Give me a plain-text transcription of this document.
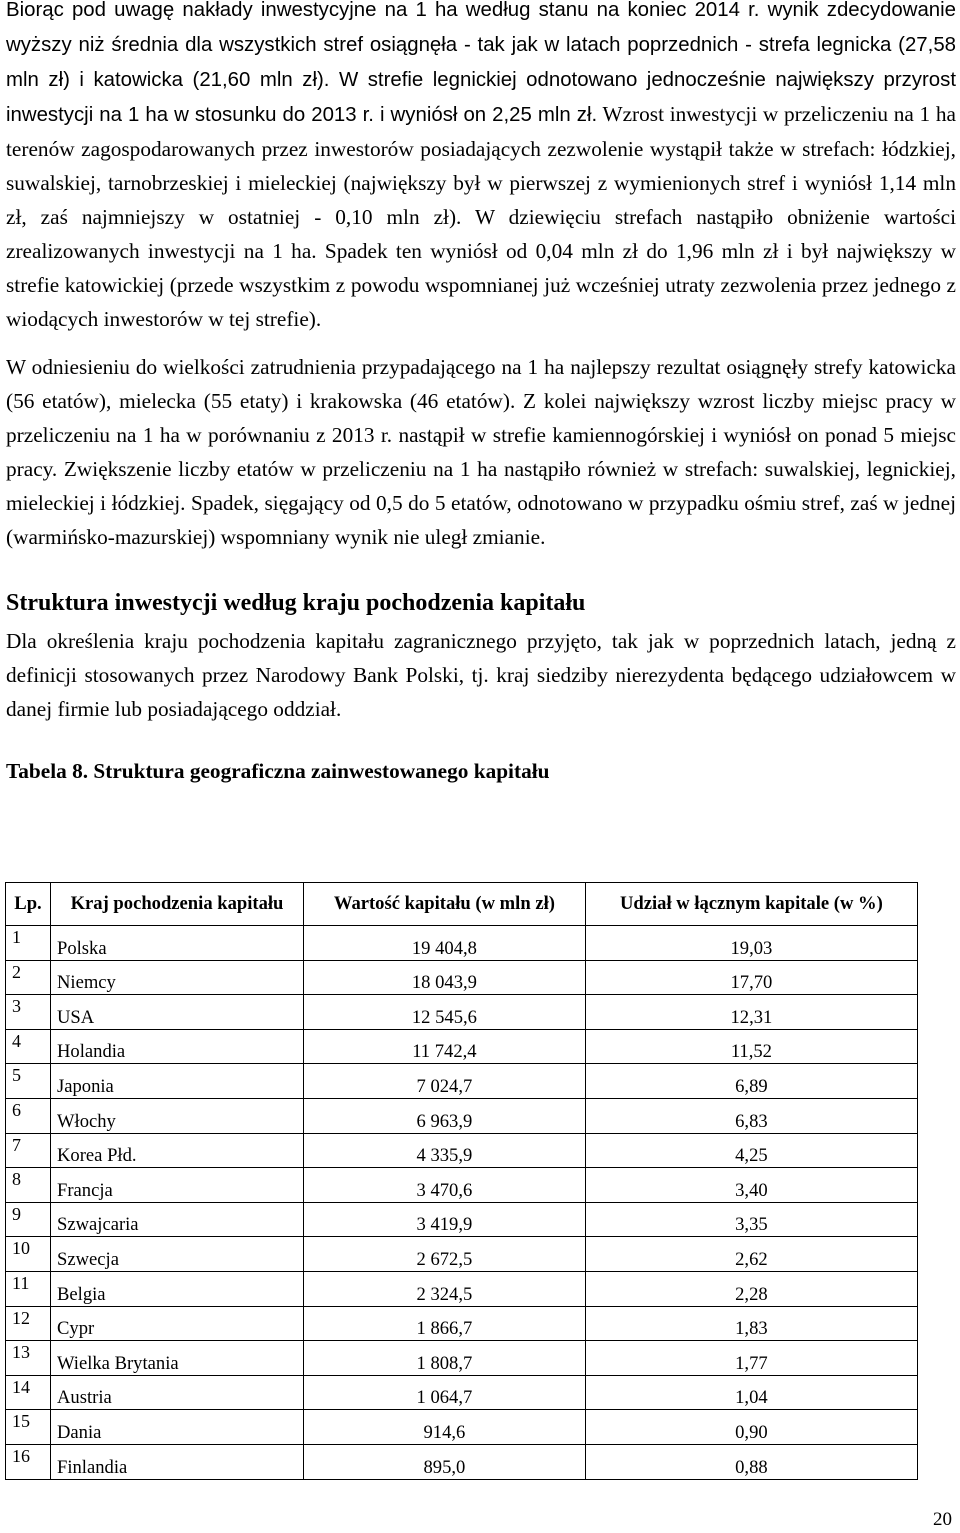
Biorąc pod uwagę nakłady inwestycyjne na 1 ha według stanu na koniec 2014 r. wynik zdecydowanie wyższy niż średnia dla wszystkich stref osiągnęła - tak jak w latach poprzednich - strefa legnicka (27,58 mln zł) i katowicka (21,60 mln zł). W strefie legnickiej odnotowano jednocześnie największy przyrost inwestycji na 1 ha w stosunku do 2013 r. i wyniósł on 2,25 mln zł. Wzrost inwestycji w przeliczeniu na 1 ha terenów zagospodarowanych przez inwestorów posiadających zezwolenie wystąpił także w strefach: łódzkiej, suwalskiej, tarnobrzeskiej i mieleckiej (największy był w pierwszej z wymienionych stref i wyniósł 1,14 mln zł, zaś najmniejszy w ostatniej - 0,10 mln zł). W dziewięciu strefach nastąpiło obniżenie wartości zrealizowanych inwestycji na 1 ha. Spadek ten wyniósł od 0,04 mln zł do 1,96 mln zł i był największy w strefie katowickiej (przede wszystkim z powodu wspomnianej już wcześniej utraty zezwolenia przez jednego z wiodących inwestorów w tej strefie).

W odniesieniu do wielkości zatrudnienia przypadającego na 1 ha najlepszy rezultat osiągnęły strefy katowicka (56 etatów), mielecka (55 etaty) i krakowska (46 etatów). Z kolei największy wzrost liczby miejsc pracy w przeliczeniu na 1 ha w porównaniu z 2013 r. nastąpił w strefie kamiennogórskiej i wyniósł on ponad 5 miejsc pracy. Zwiększenie liczby etatów w przeliczeniu na 1 ha nastąpiło również w strefach: suwalskiej, legnickiej, mieleckiej i łódzkiej. Spadek, sięgający od 0,5 do 5 etatów, odnotowano w przypadku ośmiu stref, zaś w jednej (warmińsko-mazurskiej) wspomniany wynik nie uległ zmianie.

Struktura inwestycji według kraju pochodzenia kapitału

Dla określenia kraju pochodzenia kapitału zagranicznego przyjęto, tak jak w poprzednich latach, jedną z definicji stosowanych przez Narodowy Bank Polski, tj. kraj siedziby nierezydenta będącego udziałowcem w danej firmie lub posiadającego oddział.

Tabela 8. Struktura geograficzna zainwestowanego kapitału
Lp.	Kraj pochodzenia kapitału	Wartość kapitału (w mln zł)	Udział w łącznym kapitale (w %)
1	Polska	19 404,8	19,03
2	Niemcy	18 043,9	17,70
3	USA	12 545,6	12,31
4	Holandia	11 742,4	11,52
5	Japonia	7 024,7	6,89
6	Włochy	6 963,9	6,83
7	Korea Płd.	4 335,9	4,25
8	Francja	3 470,6	3,40
9	Szwajcaria	3 419,9	3,35
10	Szwecja	2 672,5	2,62
11	Belgia	2 324,5	2,28
12	Cypr	1 866,7	1,83
13	Wielka Brytania	1 808,7	1,77
14	Austria	1 064,7	1,04
15	Dania	914,6	0,90
16	Finlandia	895,0	0,88
20
